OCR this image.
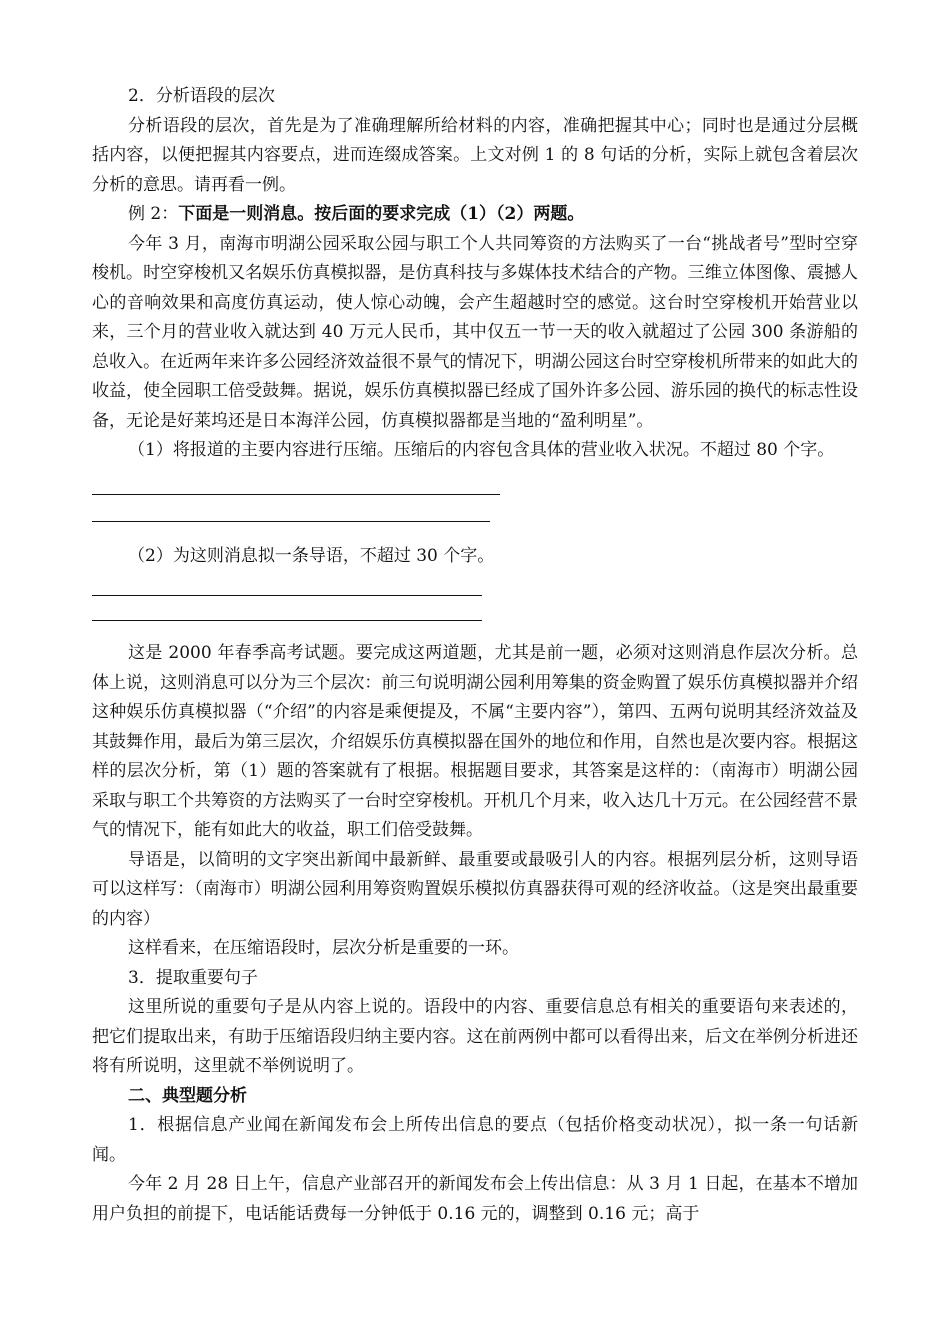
2．分析语段的层次

分析语段的层次，首先是为了准确理解所给材料的内容，准确把握其中心；同时也是通过分层概括内容，以便把握其内容要点，进而连缀成答案。上文对例 1 的 8 句话的分析，实际上就包含着层次分析的意思。请再看一例。

例 2：下面是一则消息。按后面的要求完成（1）（2）两题。

今年 3 月，南海市明湖公园采取公园与职工个人共同筹资的方法购买了一台“挑战者号”型时空穿梭机。时空穿梭机又名娱乐仿真模拟器，是仿真科技与多媒体技术结合的产物。三维立体图像、震撼人心的音响效果和高度仿真运动，使人惊心动魄，会产生超越时空的感觉。这台时空穿梭机开始营业以来，三个月的营业收入就达到 40 万元人民币，其中仅五一节一天的收入就超过了公园 300 条游船的总收入。在近两年来许多公园经济效益很不景气的情况下，明湖公园这台时空穿梭机所带来的如此大的收益，使全园职工倍受鼓舞。据说，娱乐仿真模拟器已经成了国外许多公园、游乐园的换代的标志性设备，无论是好莱坞还是日本海洋公园，仿真模拟器都是当地的“盈利明星”。

（1）将报道的主要内容进行压缩。压缩后的内容包含具体的营业收入状况。不超过 80 个字。

（2）为这则消息拟一条导语，不超过 30 个字。

这是 2000 年春季高考试题。要完成这两道题，尤其是前一题，必须对这则消息作层次分析。总体上说，这则消息可以分为三个层次：前三句说明湖公园利用筹集的资金购置了娱乐仿真模拟器并介绍这种娱乐仿真模拟器（“介绍”的内容是乘便提及，不属“主要内容”），第四、五两句说明其经济效益及其鼓舞作用，最后为第三层次，介绍娱乐仿真模拟器在国外的地位和作用，自然也是次要内容。根据这样的层次分析，第（1）题的答案就有了根据。根据题目要求，其答案是这样的：（南海市）明湖公园采取与职工个共筹资的方法购买了一台时空穿梭机。开机几个月来，收入达几十万元。在公园经营不景气的情况下，能有如此大的收益，职工们倍受鼓舞。

导语是，以简明的文字突出新闻中最新鲜、最重要或最吸引人的内容。根据列层分析，这则导语可以这样写：（南海市）明湖公园利用筹资购置娱乐模拟仿真器获得可观的经济收益。（这是突出最重要的内容）

这样看来，在压缩语段时，层次分析是重要的一环。

3．提取重要句子

这里所说的重要句子是从内容上说的。语段中的内容、重要信息总有相关的重要语句来表述的，把它们提取出来，有助于压缩语段归纳主要内容。这在前两例中都可以看得出来，后文在举例分析进还将有所说明，这里就不举例说明了。

二、典型题分析

1．根据信息产业闻在新闻发布会上所传出信息的要点（包括价格变动状况），拟一条一句话新闻。

今年 2 月 28 日上午，信息产业部召开的新闻发布会上传出信息：从 3 月 1 日起，在基本不增加用户负担的前提下，电话能话费每一分钟低于 0.16 元的，调整到 0.16 元；高于
